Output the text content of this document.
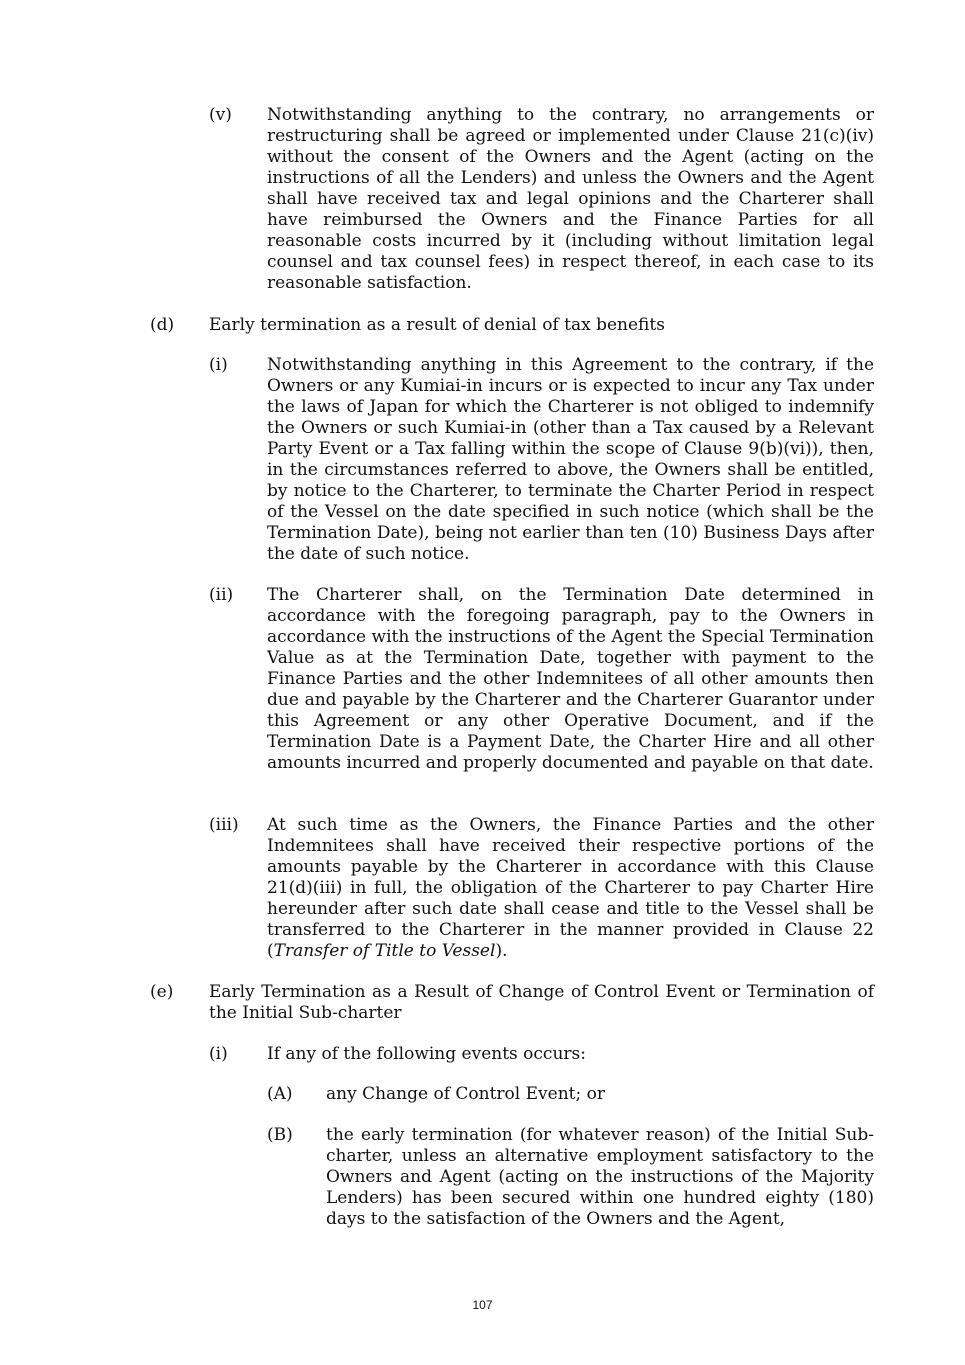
(v) Notwithstanding anything to the contrary, no arrangements or restructuring shall be agreed or implemented under Clause 21(c)(iv) without the consent of the Owners and the Agent (acting on the instructions of all the Lenders) and unless the Owners and the Agent shall have received tax and legal opinions and the Charterer shall have reimbursed the Owners and the Finance Parties for all reasonable costs incurred by it (including without limitation legal counsel and tax counsel fees) in respect thereof, in each case to its reasonable satisfaction.
(d) Early termination as a result of denial of tax benefits
(i) Notwithstanding anything in this Agreement to the contrary, if the Owners or any Kumiai-in incurs or is expected to incur any Tax under the laws of Japan for which the Charterer is not obliged to indemnify the Owners or such Kumiai-in (other than a Tax caused by a Relevant Party Event or a Tax falling within the scope of Clause 9(b)(vi)), then, in the circumstances referred to above, the Owners shall be entitled, by notice to the Charterer, to terminate the Charter Period in respect of the Vessel on the date specified in such notice (which shall be the Termination Date), being not earlier than ten (10) Business Days after the date of such notice.
(ii) The Charterer shall, on the Termination Date determined in accordance with the foregoing paragraph, pay to the Owners in accordance with the instructions of the Agent the Special Termination Value as at the Termination Date, together with payment to the Finance Parties and the other Indemnitees of all other amounts then due and payable by the Charterer and the Charterer Guarantor under this Agreement or any other Operative Document, and if the Termination Date is a Payment Date, the Charter Hire and all other amounts incurred and properly documented and payable on that date.
(iii) At such time as the Owners, the Finance Parties and the other Indemnitees shall have received their respective portions of the amounts payable by the Charterer in accordance with this Clause 21(d)(iii) in full, the obligation of the Charterer to pay Charter Hire hereunder after such date shall cease and title to the Vessel shall be transferred to the Charterer in the manner provided in Clause 22 (Transfer of Title to Vessel).
(e) Early Termination as a Result of Change of Control Event or Termination of the Initial Sub-charter
(i) If any of the following events occurs:
(A) any Change of Control Event; or
(B) the early termination (for whatever reason) of the Initial Sub-charter, unless an alternative employment satisfactory to the Owners and Agent (acting on the instructions of the Majority Lenders) has been secured within one hundred eighty (180) days to the satisfaction of the Owners and the Agent,
107
